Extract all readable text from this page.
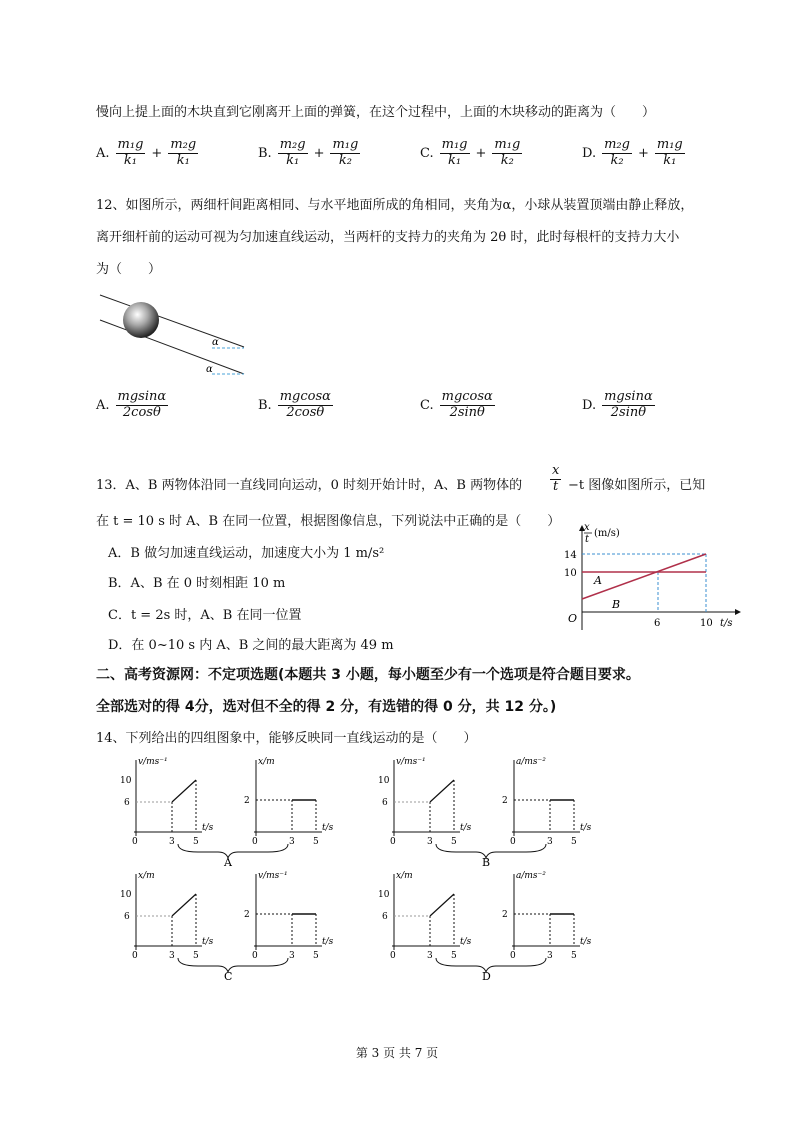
慢向上提上面的木块直到它刚离开上面的弹簧，在这个过程中，上面的木块移动的距离为（　　）
A. $\frac{\text{m₁g}}{\text{k₁}} + \frac{\text{m₂g}}{\text{k₁}}$	B. $\frac{\text{m₂g}}{\text{k₁}} + \frac{\text{m₁g}}{\text{k₂}}$	C. $\frac{\text{m₁g}}{\text{k₁}} + \frac{\text{m₁g}}{\text{k₂}}$	D. $\frac{\text{m₂g}}{\text{k₂}} + \frac{\text{m₁g}}{\text{k₁}}$
12、如图所示，两细杆间距离相同、与水平地面所成的角相同，夹角为α，小球从装置顶端由静止释放，
离开细杆前的运动可视为匀加速直线运动，当两杆的支持力的夹角为 2θ 时，此时每根杆的支持力大小
为（　　）
α
α
A. $\frac{mgsin\alpha}{2\cos\theta}$	B. $\frac{mgcos\alpha}{2\cos\theta}$	C. $\frac{mgcos\alpha}{2\sin\theta}$	D. $\frac{mgsin\alpha}{2\sin\theta}$
13．A、B 两物体沿同一直线同向运动，0 时刻开始计时，A、B 两物体的 $\frac{x}{t} -t$ 图像如图所示，已知
在 t = 10 s 时 A、B 在同一位置，根据图像信息，下列说法中正确的是（　　）
A．B 做匀加速直线运动，加速度大小为 1 m/s²
B．A、B 在 0 时刻相距 10 m
C．t = 2s 时，A、B 在同一位置
D．在 0~10 s 内 A、B 之间的最大距离为 49 m
x
t
(m/s)
14
10
O	6	10 t/s
A
B
二、高考资源网：不定项选题(本题共 3 小题，每小题至少有一个选项是符合题目要求。
全部选对的得 4分，选对但不全的得 2 分，有选错的得 0 分，共 12 分。)
14、下列给出的四组图象中，能够反映同一直线运动的是（　　）
v/ms⁻¹
10
6
0	3 5
t/s
x/m
2
0	3 5
t/s
A
v/ms⁻¹
10
6
0	3 5
t/s
a/ms⁻²
2
0	3 5
t/s
B
x/m
10
6
0	3 5
t/s
v/ms⁻¹
2
0	3 5
t/s
C
x/m
10
6
0	3 5
t/s
a/ms⁻²
2
0	3 5
t/s
D
第 3 页 共 7 页
